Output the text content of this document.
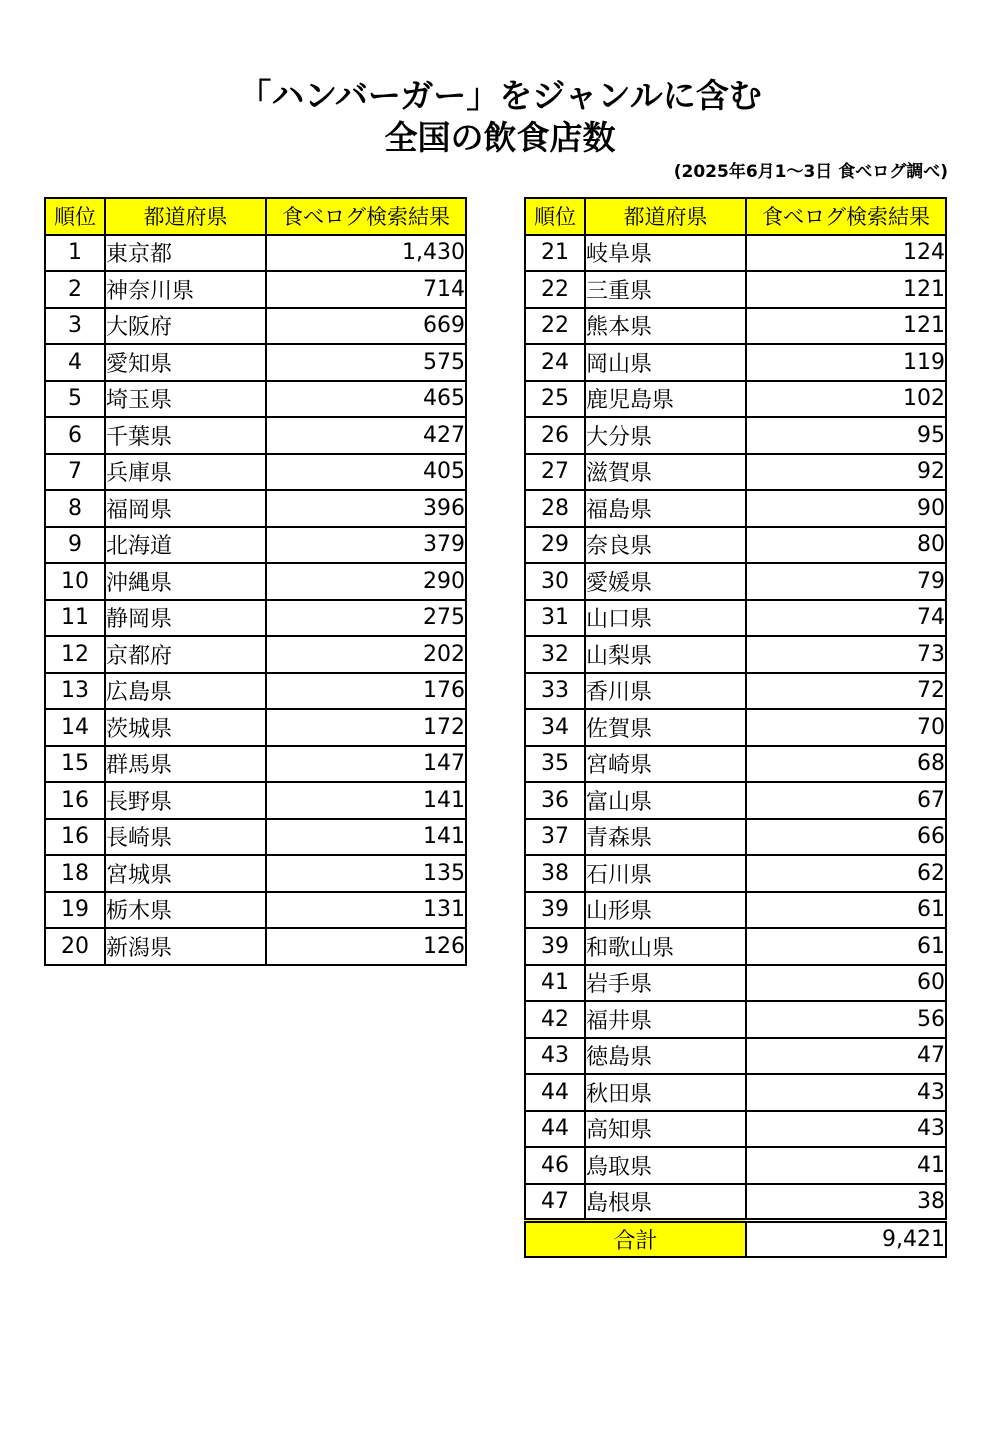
「ハンバーガー」をジャンルに含む
全国の飲食店数
(2025年6月1～3日 食べログ調べ)
順位	都道府県	食べログ検索結果
1	東京都	1,430
2	神奈川県	714
3	大阪府	669
4	愛知県	575
5	埼玉県	465
6	千葉県	427
7	兵庫県	405
8	福岡県	396
9	北海道	379
10	沖縄県	290
11	静岡県	275
12	京都府	202
13	広島県	176
14	茨城県	172
15	群馬県	147
16	長野県	141
16	長崎県	141
18	宮城県	135
19	栃木県	131
20	新潟県	126
順位	都道府県	食べログ検索結果
21	岐阜県	124
22	三重県	121
22	熊本県	121
24	岡山県	119
25	鹿児島県	102
26	大分県	95
27	滋賀県	92
28	福島県	90
29	奈良県	80
30	愛媛県	79
31	山口県	74
32	山梨県	73
33	香川県	72
34	佐賀県	70
35	宮崎県	68
36	富山県	67
37	青森県	66
38	石川県	62
39	山形県	61
39	和歌山県	61
41	岩手県	60
42	福井県	56
43	徳島県	47
44	秋田県	43
44	高知県	43
46	鳥取県	41
47	島根県	38
合計		9,421
